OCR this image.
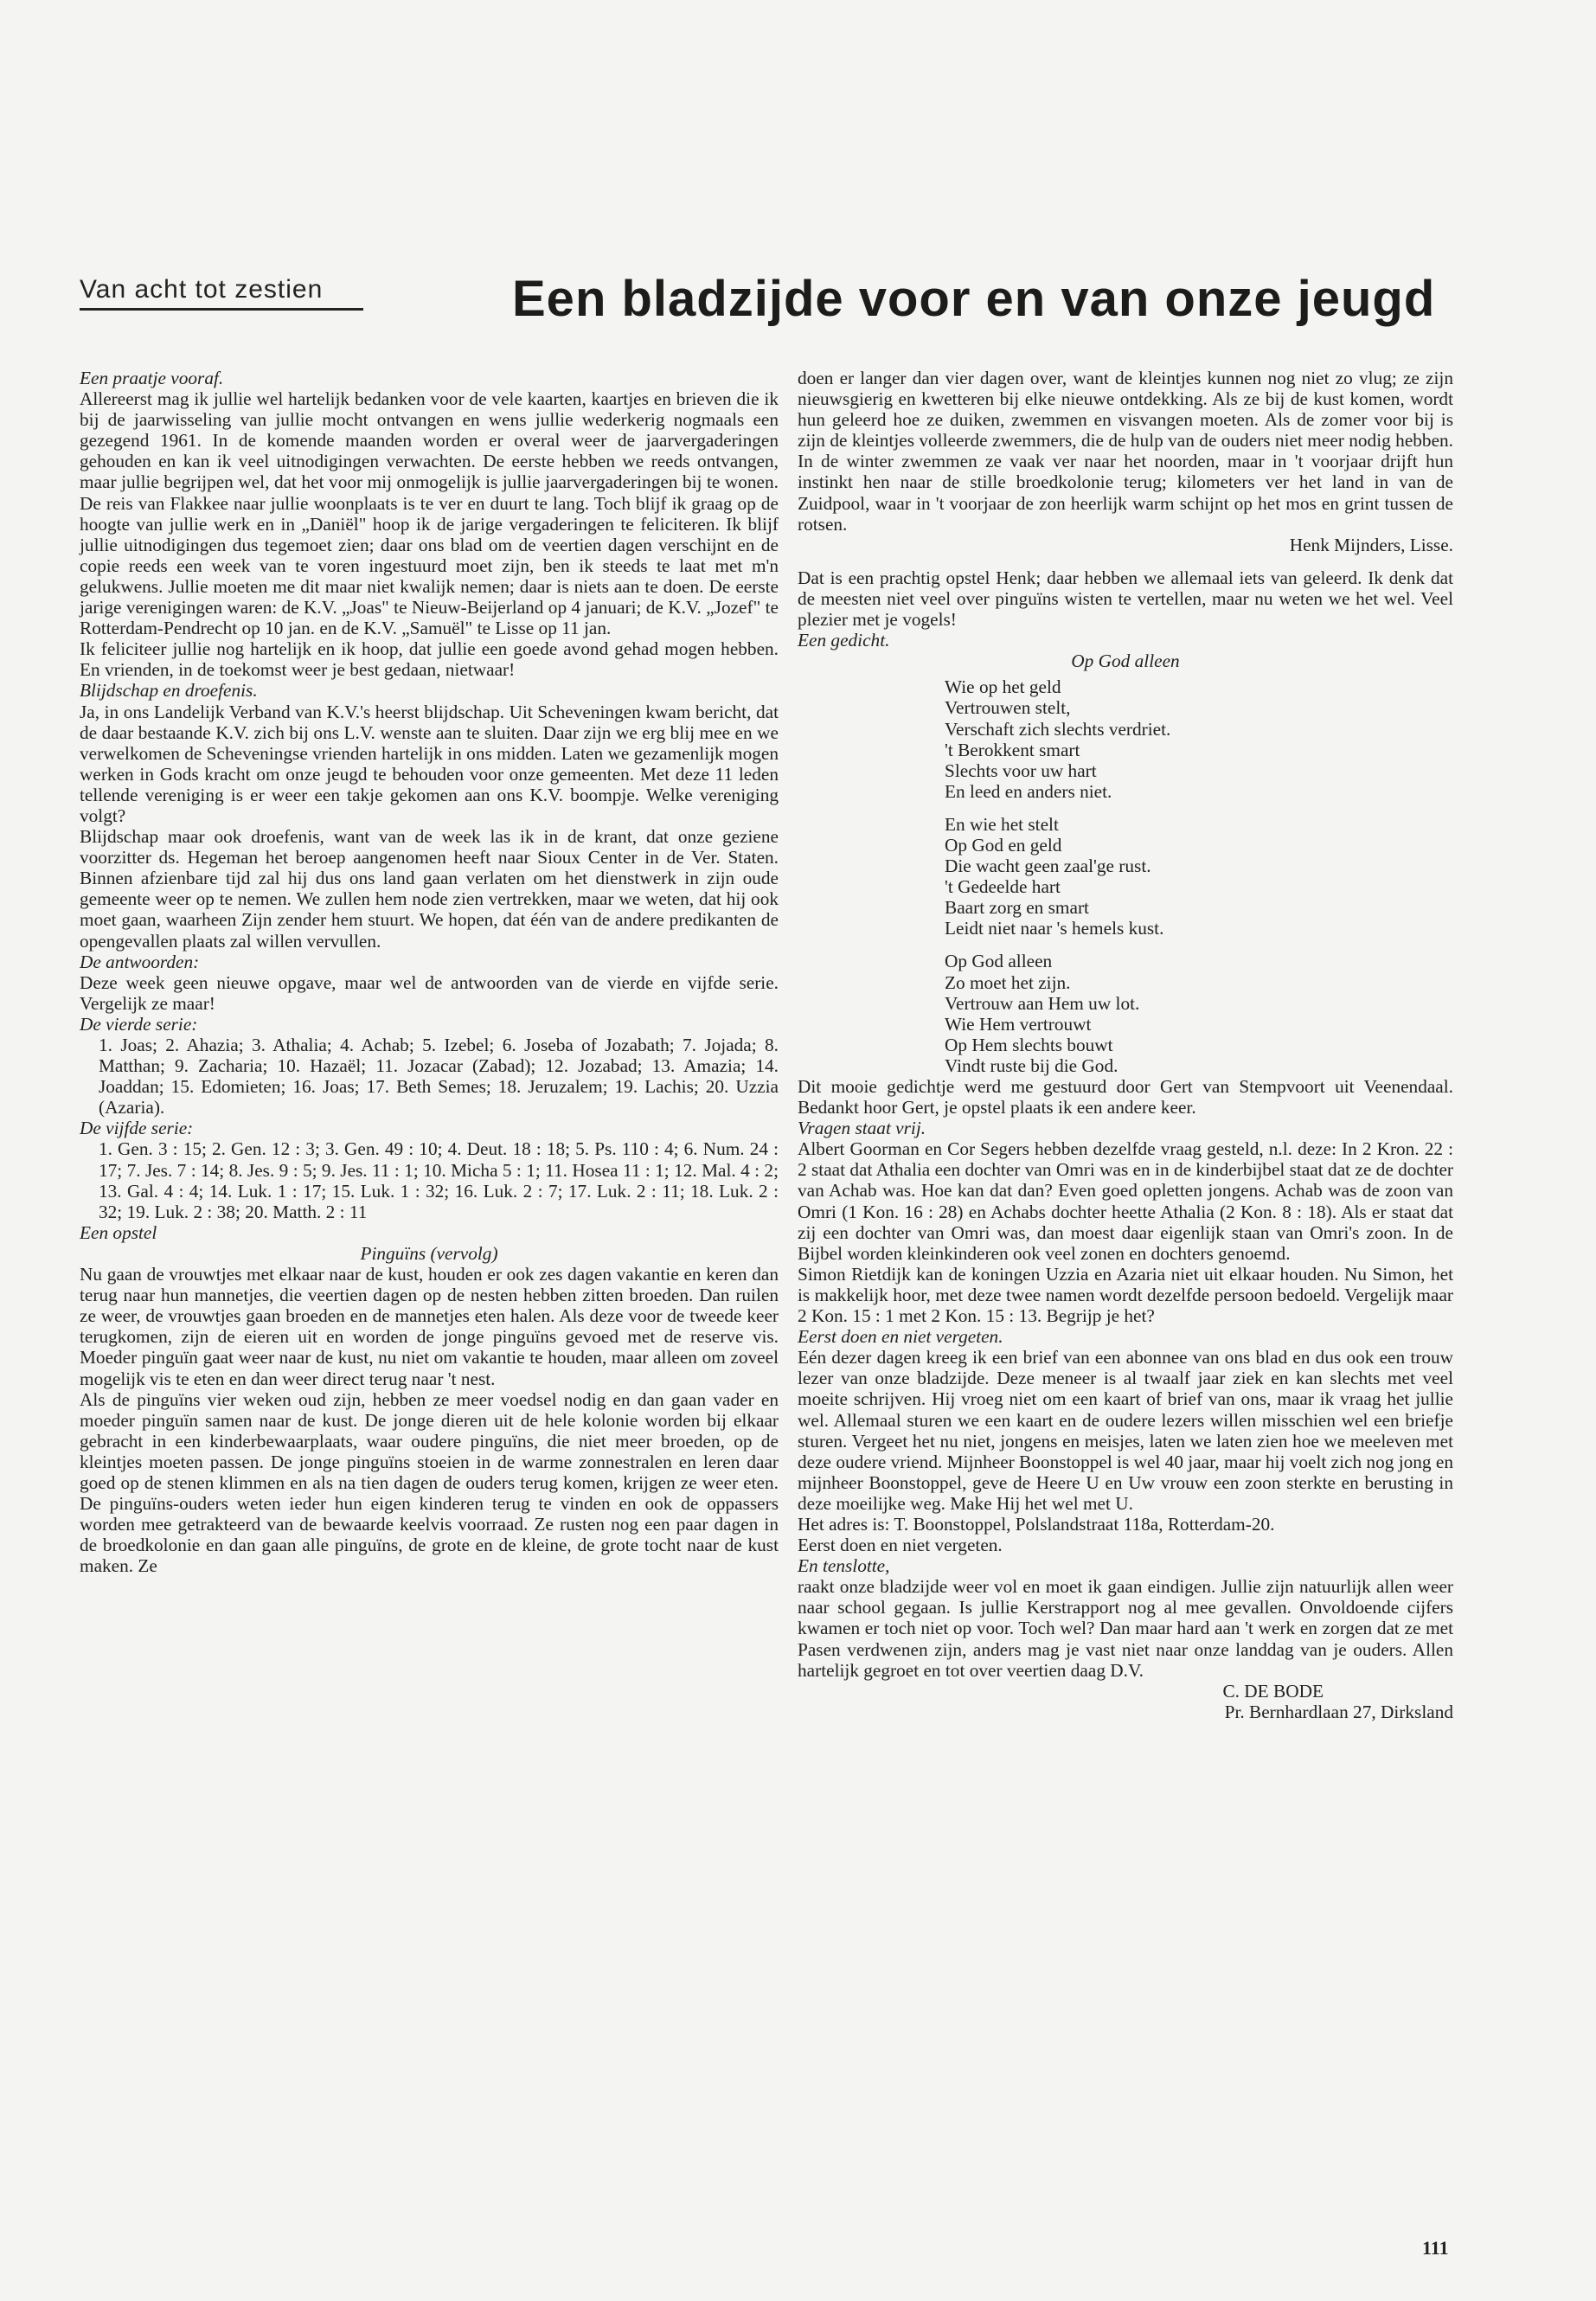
Van acht tot zestien	Een bladzijde voor en van onze jeugd

Een praatje vooraf.

Allereerst mag ik jullie wel hartelijk bedanken voor de vele kaarten, kaartjes en brieven die ik bij de jaarwisseling van jullie mocht ontvangen en wens jullie wederkerig nogmaals een gezegend 1961. In de komende maanden worden er overal weer de jaarvergaderingen gehouden en kan ik veel uitnodigingen verwachten. De eerste hebben we reeds ontvangen, maar jullie begrijpen wel, dat het voor mij onmogelijk is jullie jaarvergaderingen bij te wonen. De reis van Flakkee naar jullie woonplaats is te ver en duurt te lang. Toch blijf ik graag op de hoogte van jullie werk en in „Daniël" hoop ik de jarige vergaderingen te feliciteren. Ik blijf jullie uitnodigingen dus tegemoet zien; daar ons blad om de veertien dagen verschijnt en de copie reeds een week van te voren ingestuurd moet zijn, ben ik steeds te laat met m'n gelukwens. Jullie moeten me dit maar niet kwalijk nemen; daar is niets aan te doen. De eerste jarige verenigingen waren: de K.V. „Joas" te Nieuw-Beijerland op 4 januari; de K.V. „Jozef" te Rotterdam-Pendrecht op 10 jan. en de K.V. „Samuël" te Lisse op 11 jan.

Ik feliciteer jullie nog hartelijk en ik hoop, dat jullie een goede avond gehad mogen hebben. En vrienden, in de toekomst weer je best gedaan, nietwaar!

Blijdschap en droefenis.

Ja, in ons Landelijk Verband van K.V.'s heerst blijdschap. Uit Scheveningen kwam bericht, dat de daar bestaande K.V. zich bij ons L.V. wenste aan te sluiten. Daar zijn we erg blij mee en we verwelkomen de Scheveningse vrienden hartelijk in ons midden. Laten we gezamenlijk mogen werken in Gods kracht om onze jeugd te behouden voor onze gemeenten. Met deze 11 leden tellende vereniging is er weer een takje gekomen aan ons K.V. boompje. Welke vereniging volgt?

Blijdschap maar ook droefenis, want van de week las ik in de krant, dat onze geziene voorzitter ds. Hegeman het beroep aangenomen heeft naar Sioux Center in de Ver. Staten. Binnen afzienbare tijd zal hij dus ons land gaan verlaten om het dienstwerk in zijn oude gemeente weer op te nemen. We zullen hem node zien vertrekken, maar we weten, dat hij ook moet gaan, waarheen Zijn zender hem stuurt. We hopen, dat één van de andere predikanten de opengevallen plaats zal willen vervullen.

De antwoorden:

Deze week geen nieuwe opgave, maar wel de antwoorden van de vierde en vijfde serie. Vergelijk ze maar!

De vierde serie:

1. Joas; 2. Ahazia; 3. Athalia; 4. Achab; 5. Izebel; 6. Joseba of Jozabath; 7. Jojada; 8. Matthan; 9. Zacharia; 10. Hazaël; 11. Jozacar (Zabad); 12. Jozabad; 13. Amazia; 14. Joaddan; 15. Edomieten; 16. Joas; 17. Beth Semes; 18. Jeruzalem; 19. Lachis; 20. Uzzia (Azaria).

De vijfde serie:

1. Gen. 3 : 15; 2. Gen. 12 : 3; 3. Gen. 49 : 10; 4. Deut. 18 : 18; 5. Ps. 110 : 4; 6. Num. 24 : 17; 7. Jes. 7 : 14; 8. Jes. 9 : 5; 9. Jes. 11 : 1; 10. Micha 5 : 1; 11. Hosea 11 : 1; 12. Mal. 4 : 2; 13. Gal. 4 : 4; 14. Luk. 1 : 17; 15. Luk. 1 : 32; 16. Luk. 2 : 7; 17. Luk. 2 : 11; 18. Luk. 2 : 32; 19. Luk. 2 : 38; 20. Matth. 2 : 11

Een opstel

Pinguïns (vervolg)

Nu gaan de vrouwtjes met elkaar naar de kust, houden er ook zes dagen vakantie en keren dan terug naar hun mannetjes, die veertien dagen op de nesten hebben zitten broeden. Dan ruilen ze weer, de vrouwtjes gaan broeden en de mannetjes eten halen. Als deze voor de tweede keer terugkomen, zijn de eieren uit en worden de jonge pinguïns gevoed met de reserve vis. Moeder pinguïn gaat weer naar de kust, nu niet om vakantie te houden, maar alleen om zoveel mogelijk vis te eten en dan weer direct terug naar 't nest.

Als de pinguïns vier weken oud zijn, hebben ze meer voedsel nodig en dan gaan vader en moeder pinguïn samen naar de kust. De jonge dieren uit de hele kolonie worden bij elkaar gebracht in een kinderbewaarplaats, waar oudere pinguïns, die niet meer broeden, op de kleintjes moeten passen. De jonge pinguïns stoeien in de warme zonnestralen en leren daar goed op de stenen klimmen en als na tien dagen de ouders terug komen, krijgen ze weer eten. De pinguïns-ouders weten ieder hun eigen kinderen terug te vinden en ook de oppassers worden mee getrakteerd van de bewaarde keelvis voorraad. Ze rusten nog een paar dagen in de broedkolonie en dan gaan alle pinguïns, de grote en de kleine, de grote tocht naar de kust maken. Ze

doen er langer dan vier dagen over, want de kleintjes kunnen nog niet zo vlug; ze zijn nieuwsgierig en kwetteren bij elke nieuwe ontdekking. Als ze bij de kust komen, wordt hun geleerd hoe ze duiken, zwemmen en visvangen moeten. Als de zomer voor bij is zijn de kleintjes volleerde zwemmers, die de hulp van de ouders niet meer nodig hebben. In de winter zwemmen ze vaak ver naar het noorden, maar in 't voorjaar drijft hun instinkt hen naar de stille broedkolonie terug; kilometers ver het land in van de Zuidpool, waar in 't voorjaar de zon heerlijk warm schijnt op het mos en grint tussen de rotsen.

Henk Mijnders, Lisse.

Dat is een prachtig opstel Henk; daar hebben we allemaal iets van geleerd. Ik denk dat de meesten niet veel over pinguïns wisten te vertellen, maar nu weten we het wel. Veel plezier met je vogels!

Een gedicht.

Op God alleen

Wie op het geld
Vertrouwen stelt,
Verschaft zich slechts verdriet.
't Berokkent smart
Slechts voor uw hart
En leed en anders niet.
En wie het stelt
Op God en geld
Die wacht geen zaal'ge rust.
't Gedeelde hart
Baart zorg en smart
Leidt niet naar 's hemels kust.
Op God alleen
Zo moet het zijn.
Vertrouw aan Hem uw lot.
Wie Hem vertrouwt
Op Hem slechts bouwt
Vindt ruste bij die God.

Dit mooie gedichtje werd me gestuurd door Gert van Stempvoort uit Veenendaal. Bedankt hoor Gert, je opstel plaats ik een andere keer.

Vragen staat vrij.

Albert Goorman en Cor Segers hebben dezelfde vraag gesteld, n.l. deze: In 2 Kron. 22 : 2 staat dat Athalia een dochter van Omri was en in de kinderbijbel staat dat ze de dochter van Achab was. Hoe kan dat dan? Even goed opletten jongens. Achab was de zoon van Omri (1 Kon. 16 : 28) en Achabs dochter heette Athalia (2 Kon. 8 : 18). Als er staat dat zij een dochter van Omri was, dan moest daar eigenlijk staan van Omri's zoon. In de Bijbel worden kleinkinderen ook veel zonen en dochters genoemd.

Simon Rietdijk kan de koningen Uzzia en Azaria niet uit elkaar houden. Nu Simon, het is makkelijk hoor, met deze twee namen wordt dezelfde persoon bedoeld. Vergelijk maar 2 Kon. 15 : 1 met 2 Kon. 15 : 13. Begrijp je het?

Eerst doen en niet vergeten.

Eén dezer dagen kreeg ik een brief van een abonnee van ons blad en dus ook een trouw lezer van onze bladzijde. Deze meneer is al twaalf jaar ziek en kan slechts met veel moeite schrijven. Hij vroeg niet om een kaart of brief van ons, maar ik vraag het jullie wel. Allemaal sturen we een kaart en de oudere lezers willen misschien wel een briefje sturen. Vergeet het nu niet, jongens en meisjes, laten we laten zien hoe we meeleven met deze oudere vriend. Mijnheer Boonstoppel is wel 40 jaar, maar hij voelt zich nog jong en mijnheer Boonstoppel, geve de Heere U en Uw vrouw een zoon sterkte en berusting in deze moeilijke weg. Make Hij het wel met U.

Het adres is: T. Boonstoppel, Polslandstraat 118a, Rotterdam-20.

Eerst doen en niet vergeten.

En tenslotte,

raakt onze bladzijde weer vol en moet ik gaan eindigen. Jullie zijn natuurlijk allen weer naar school gegaan. Is jullie Kerstrapport nog al mee gevallen. Onvoldoende cijfers kwamen er toch niet op voor. Toch wel? Dan maar hard aan 't werk en zorgen dat ze met Pasen verdwenen zijn, anders mag je vast niet naar onze landdag van je ouders. Allen hartelijk gegroet en tot over veertien daag D.V.

C. DE BODE

Pr. Bernhardlaan 27, Dirksland

111
